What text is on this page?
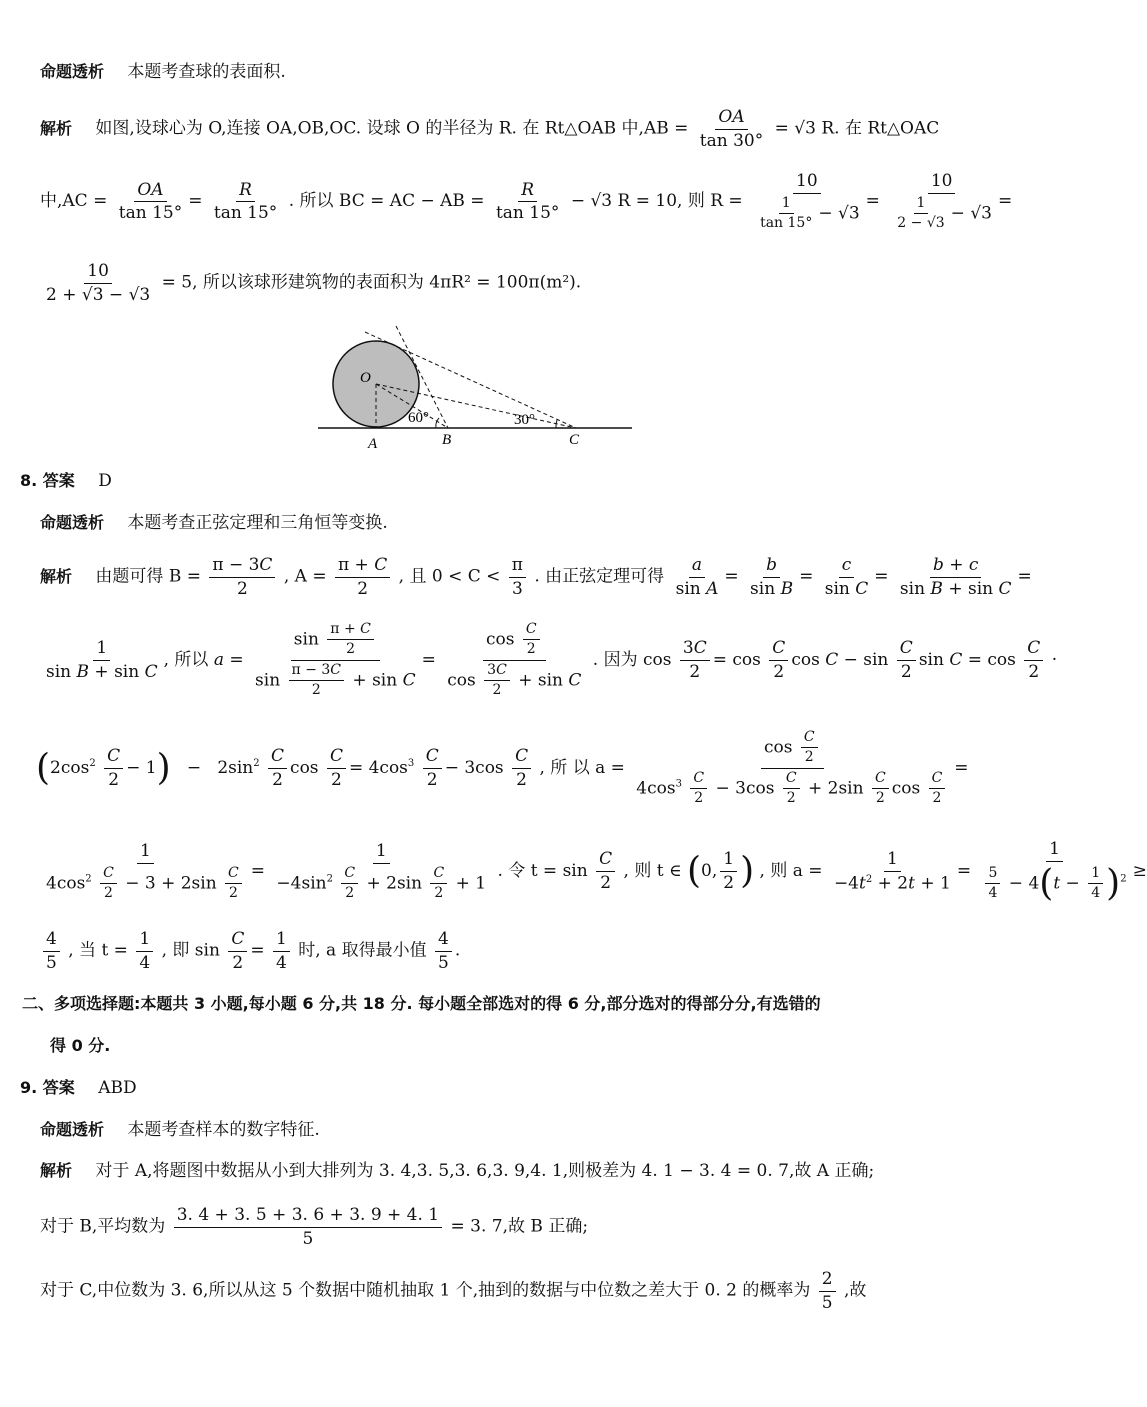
命题透析 本题考查球的表面积.
解析 如图,设球心为 O,连接 OA,OB,OC. 设球 O 的半径为 R. 在 Rt△OAB 中$,AB = \frac{OA}{\tan 30^\circ} = √3$ R. 在 Rt△OAC
中$,AC = \frac{OA}{\tan 15^\circ} = \frac{R}{\tan 15^\circ}$ . 所以 BC = AC − AB = $\frac{R}{\tan 15^\circ} - √3$ R = 10, 则 $R = \frac{10}{\frac{1}{\tan 15^\circ} - √3} = \frac{10}{\frac{1}{2 - √3} - √3}$ =
$\frac{10}{2 + √3 - √3} = 5$, 所以该球形建筑物的表面积为 4πR² = 100π(m²).
O
A	B	C
60°	30°
8. 答案 D
命题透析 本题考查正弦定理和三角恒等变换.
解析 由题可得 $B = \frac{\pi - 3C}{2}$ , $A = \frac{\pi + C}{2}$ , 且 $0 < C < \frac{\pi}{3}$ . 由正弦定理可得 $\frac{a}{\text{sin A}} = \frac{b}{\text{sin B}} = \frac{c}{\text{sin C}} = \frac{b + c}{\text{sin B + sin C}}$ =
$\frac{1}{\text{sin B + sin C}}$ , 所以 $a = \frac{\sin \frac{\pi + C}{2}}{\sin \frac{\pi - 3C}{2} + \sin C} = \frac{\cos \frac{C}{2}}{\cos \frac{3C}{2} + \sin C}$ . 因为 $\cos \frac{3C}{2} = \cos \frac{C}{2}$ $\cos C - \sin \frac{C}{2}$ $\sin C = \cos \frac{C}{2}$ ·
$(2\cos^2 \frac{C}{2} - 1) - 2\sin^2 \frac{C}{2}$ $\cos \frac{C}{2} = 4\cos^3 \frac{C}{2} - 3\cos \frac{C}{2}$ , 所 以 $a = \frac{\cos \frac{C}{2}}{4\cos^3 \frac{C}{2} - 3\cos \frac{C}{2} + 2\sin \frac{C}{2} \cos \frac{C}{2}}$ =
$\frac{1}{4\cos^2 \frac{C}{2} - 3 + 2\sin \frac{C}{2}} = \frac{1}{-4\sin^2 \frac{C}{2} + 2\sin \frac{C}{2} + 1}$ . 令 $t = \sin \frac{C}{2}$ , 则 t ∈ (0, $\frac{1}{2}$ ) , 则 $a = \frac{1}{-4t^2 + 2t + 1} = \frac{1}{\frac{5}{4} - 4(t - \frac{1}{4} )^2}$ ≥
$\frac{4}{5}$ , 当 $t = \frac{1}{4}$ , 即 $\sin \frac{C}{2} = \frac{1}{4}$ 时, a 取得最小值 $\frac{4}{5}$ .
二、多项选择题:本题共 3 小题,每小题 6 分,共 18 分. 每小题全部选对的得 6 分,部分选对的得部分分,有选错的
得 0 分.
9. 答案 ABD
命题透析 本题考查样本的数字特征.
解析 对于 A,将题图中数据从小到大排列为 3. 4,3. 5,3. 6,3. 9,4. 1,则极差为 4. 1 − 3. 4 = 0. 7,故 A 正确;
对于 B,平均数为 $\frac{3. 4 + 3. 5 + 3. 6 + 3. 9 + 4. 1}{5} = 3$. 7,故 B 正确;
对于 C,中位数为 3. 6,所以从这 5 个数据中随机抽取 1 个,抽到的数据与中位数之差大于 0. 2 的概率为 $\frac{2}{5}$ ,故
